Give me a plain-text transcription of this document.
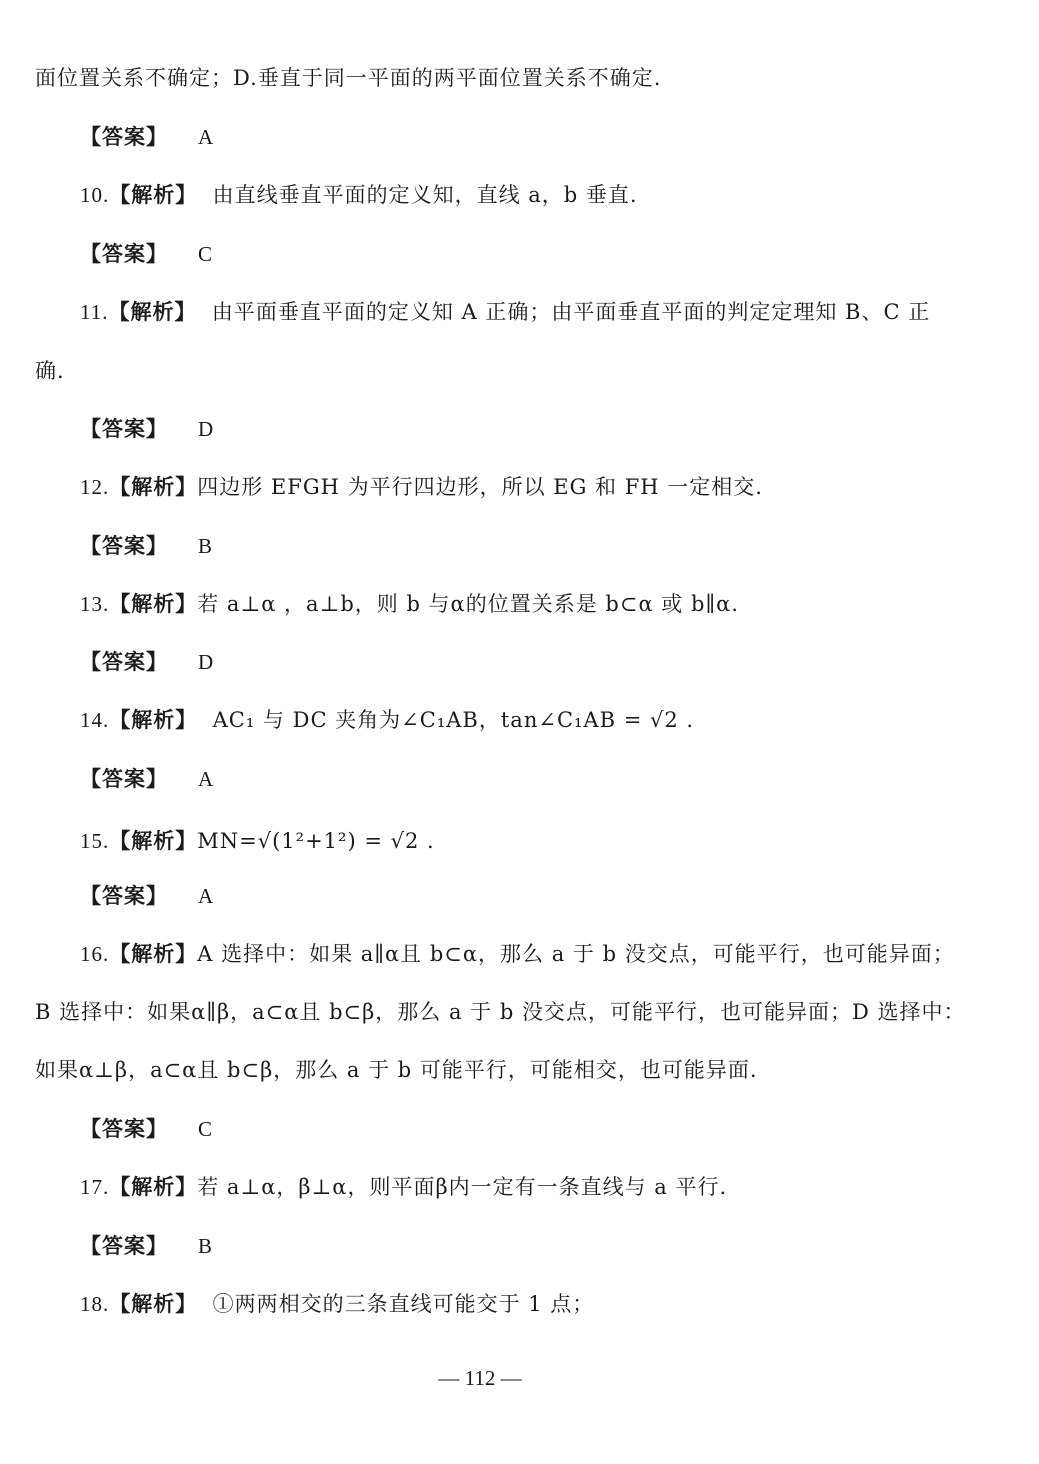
面位置关系不确定；D.垂直于同一平面的两平面位置关系不确定.
【答案】 A
10.【解析】  由直线垂直平面的定义知，直线 a，b 垂直.
【答案】 C
11.【解析】  由平面垂直平面的定义知 A 正确；由平面垂直平面的判定定理知 B、C 正
确.
【答案】 D
12.【解析】四边形 EFGH 为平行四边形，所以 EG 和 FH 一定相交.
【答案】 B
13.【解析】若 a⊥α ，a⊥b，则 b 与α的位置关系是 b⊂α 或 b∥α.
【答案】 D
14.【解析】  AC₁ 与 DC 夹角为∠C₁AB，tan∠C₁AB = √2 .
【答案】 A
15.【解析】MN=√(1²+1²) = √2 .
【答案】 A
16.【解析】A 选择中：如果 a∥α且 b⊂α，那么 a 于 b 没交点，可能平行，也可能异面；
B 选择中：如果α∥β，a⊂α且 b⊂β，那么 a 于 b 没交点，可能平行，也可能异面；D 选择中：
如果α⊥β，a⊂α且 b⊂β，那么 a 于 b 可能平行，可能相交，也可能异面.
【答案】 C
17.【解析】若 a⊥α，β⊥α，则平面β内一定有一条直线与 a 平行.
【答案】 B
18.【解析】  ①两两相交的三条直线可能交于 1 点；
— 112 —
